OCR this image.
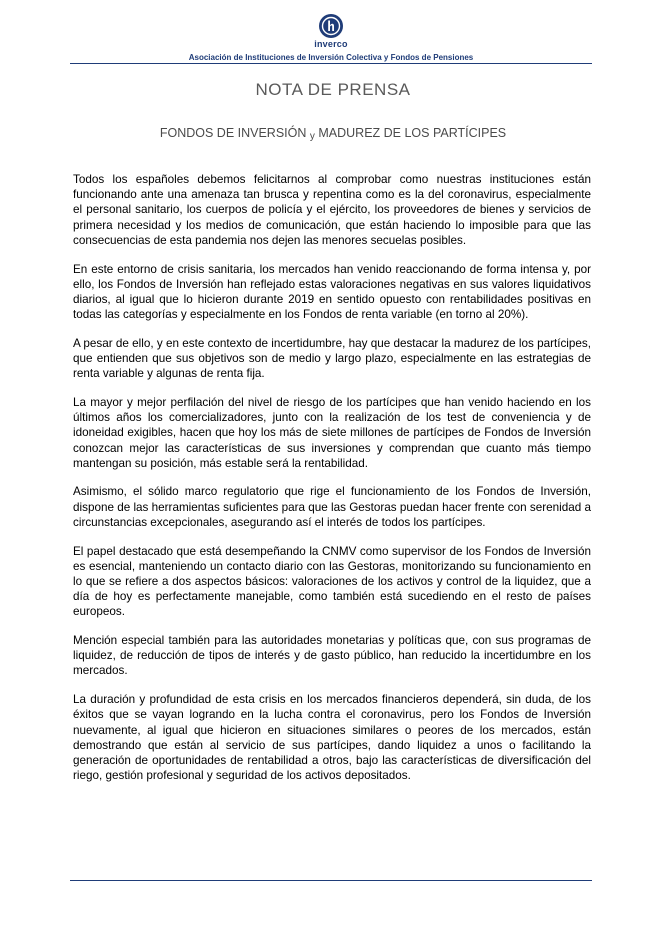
inverco
Asociación de Instituciones de Inversión Colectiva y Fondos de Pensiones
NOTA DE PRENSA
FONDOS DE INVERSIÓN y MADUREZ DE LOS PARTÍCIPES

Todos los españoles debemos felicitarnos al comprobar como nuestras instituciones están funcionando ante una amenaza tan brusca y repentina como es la del coronavirus, especialmente el personal sanitario, los cuerpos de policía y el ejército, los proveedores de bienes y servicios de primera necesidad y los medios de comunicación, que están haciendo lo imposible para que las consecuencias de esta pandemia nos dejen las menores secuelas posibles.

En este entorno de crisis sanitaria, los mercados han venido reaccionando de forma intensa y, por ello, los Fondos de Inversión han reflejado estas valoraciones negativas en sus valores liquidativos diarios, al igual que lo hicieron durante 2019 en sentido opuesto con rentabilidades positivas en todas las categorías y especialmente en los Fondos de renta variable (en torno al 20%).

A pesar de ello, y en este contexto de incertidumbre, hay que destacar la madurez de los partícipes, que entienden que sus objetivos son de medio y largo plazo, especialmente en las estrategias de renta variable y algunas de renta fija.

La mayor y mejor perfilación del nivel de riesgo de los partícipes que han venido haciendo en los últimos años los comercializadores, junto con la realización de los test de conveniencia y de idoneidad exigibles, hacen que hoy los más de siete millones de partícipes de Fondos de Inversión conozcan mejor las características de sus inversiones y comprendan que cuanto más tiempo mantengan su posición, más estable será la rentabilidad.

Asimismo, el sólido marco regulatorio que rige el funcionamiento de los Fondos de Inversión, dispone de las herramientas suficientes para que las Gestoras puedan hacer frente con serenidad a circunstancias excepcionales, asegurando así el interés de todos los partícipes.

El papel destacado que está desempeñando la CNMV como supervisor de los Fondos de Inversión es esencial, manteniendo un contacto diario con las Gestoras, monitorizando su funcionamiento en lo que se refiere a dos aspectos básicos: valoraciones de los activos y control de la liquidez, que a día de hoy es perfectamente manejable, como también está sucediendo en el resto de países europeos.

Mención especial también para las autoridades monetarias y políticas que, con sus programas de liquidez, de reducción de tipos de interés y de gasto público, han reducido la incertidumbre en los mercados.

La duración y profundidad de esta crisis en los mercados financieros dependerá, sin duda, de los éxitos que se vayan logrando en la lucha contra el coronavirus, pero los Fondos de Inversión nuevamente, al igual que hicieron en situaciones similares o peores de los mercados, están demostrando que están al servicio de sus partícipes, dando liquidez a unos o facilitando la generación de oportunidades de rentabilidad a otros, bajo las características de diversificación del riego, gestión profesional y seguridad de los activos depositados.
